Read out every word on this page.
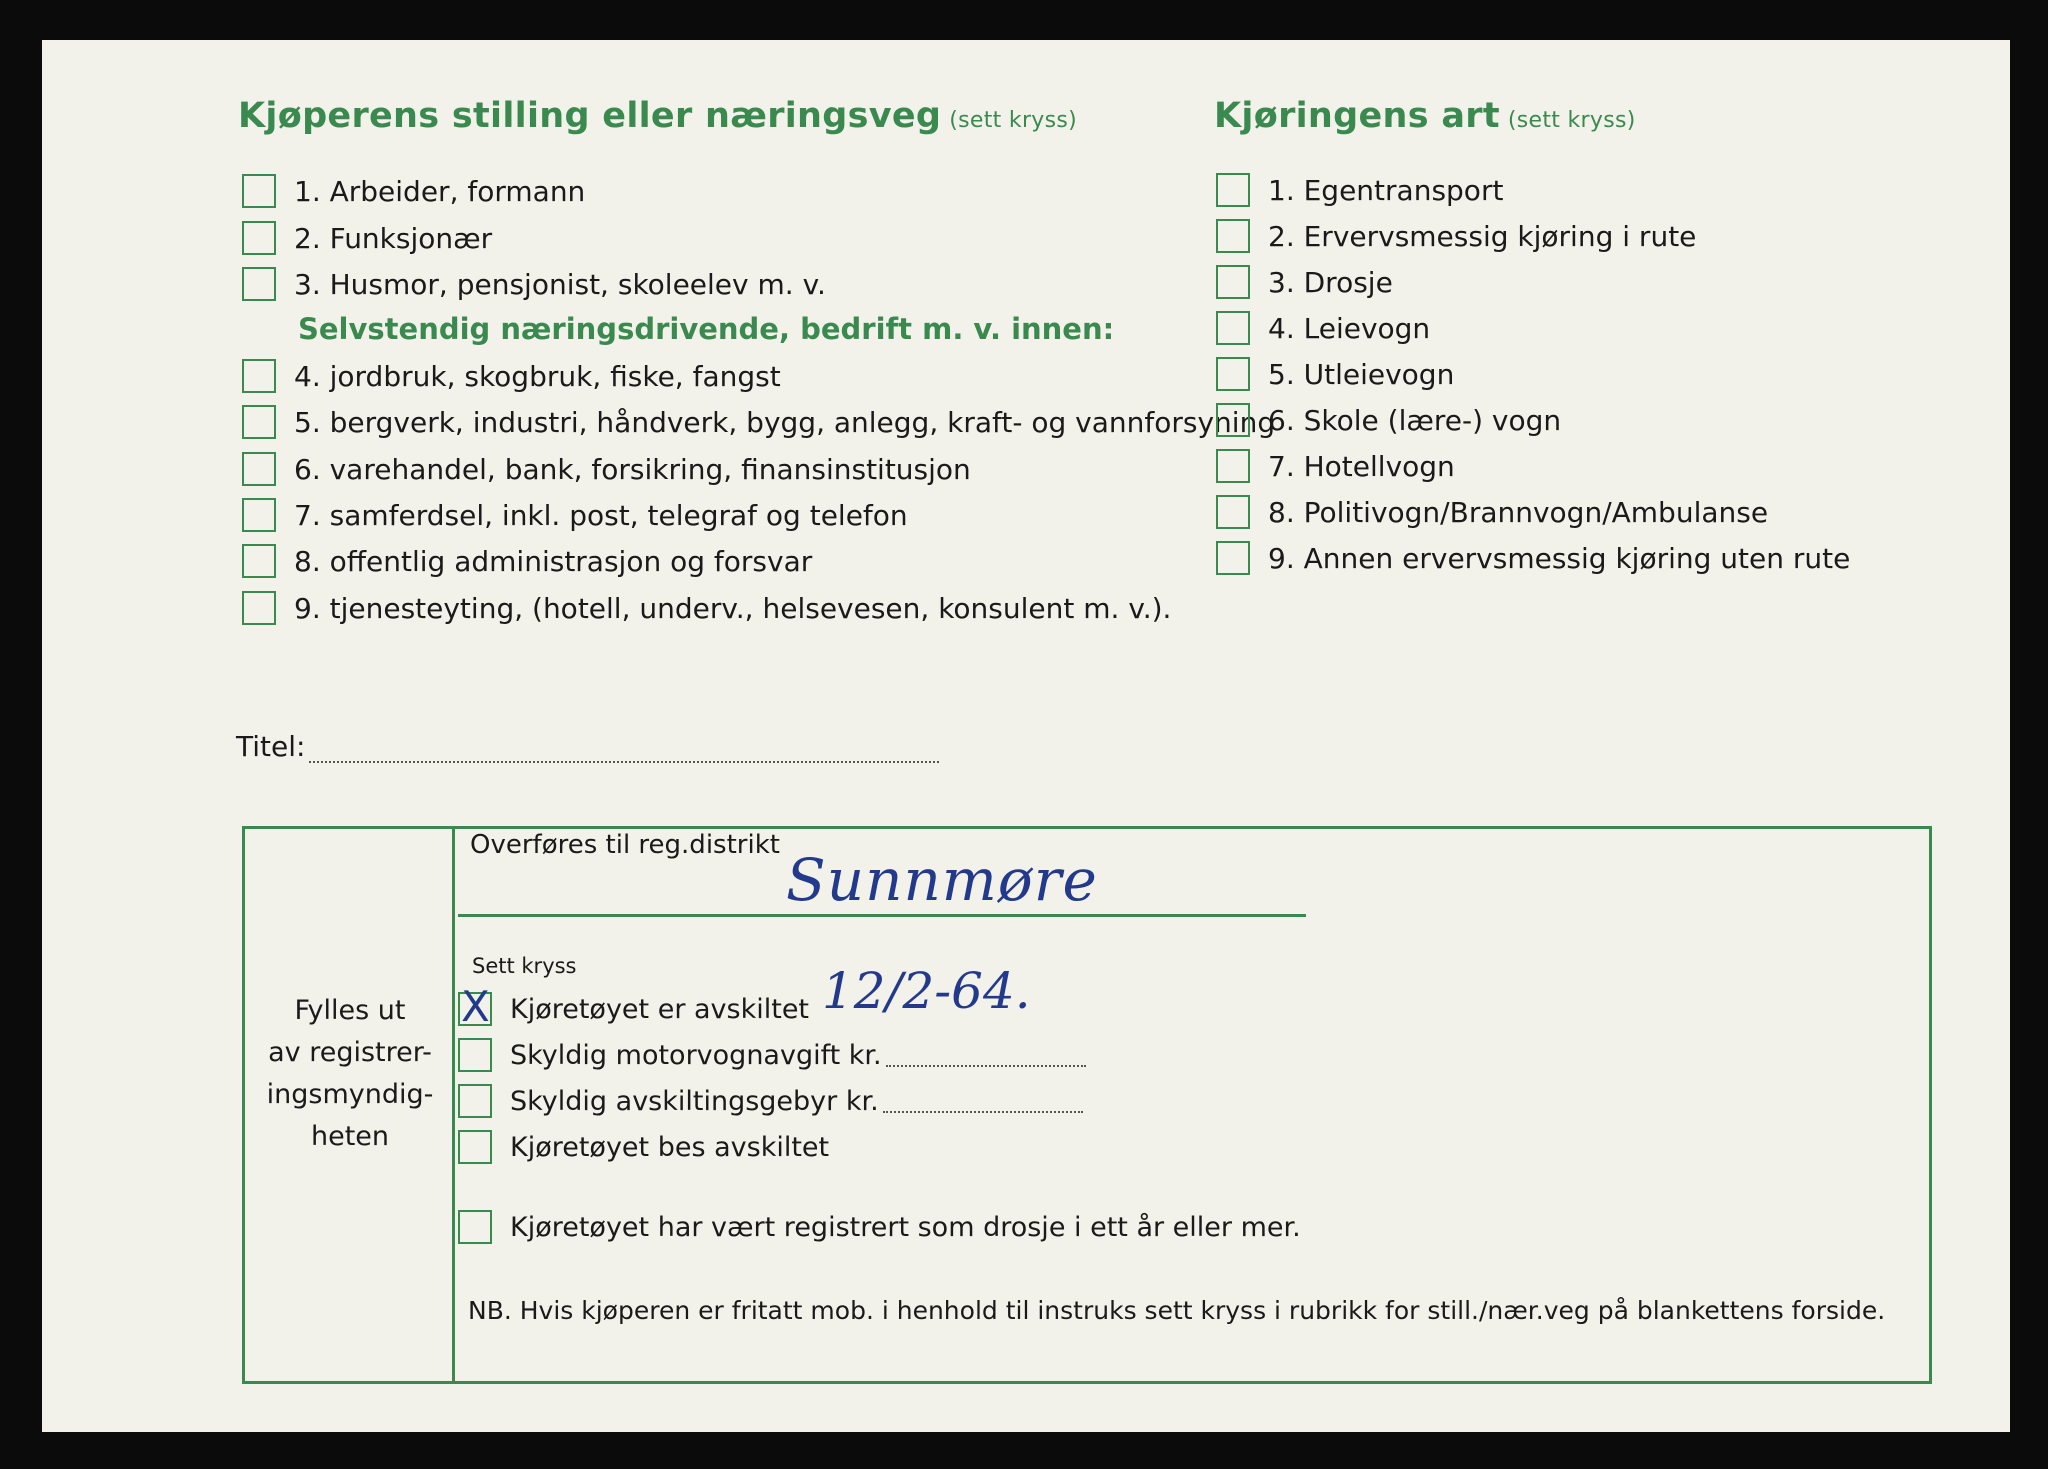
Kjøperens stilling eller næringsveg (sett kryss)
1. Arbeider, formann
2. Funksjonær
3. Husmor, pensjonist, skoleelev m. v.
Selvstendig næringsdrivende, bedrift m. v. innen:
4. jordbruk, skogbruk, fiske, fangst
5. bergverk, industri, håndverk, bygg, anlegg, kraft- og vannforsyning
6. varehandel, bank, forsikring, finansinstitusjon
7. samferdsel, inkl. post, telegraf og telefon
8. offentlig administrasjon og forsvar
9. tjenesteyting, (hotell, underv., helsevesen, konsulent m. v.).
Kjøringens art (sett kryss)
1. Egentransport
2. Ervervsmessig kjøring i rute
3. Drosje
4. Leievogn
5. Utleievogn
6. Skole (lære-) vogn
7. Hotellvogn
8. Politivogn/Brannvogn/Ambulanse
9. Annen ervervsmessig kjøring uten rute
Titel:
Fylles ut
av registrer-
ingsmyndig-
heten
Overføres til reg.distrikt
Sunnmøre
Sett kryss
X Kjøretøyet er avskiltet 12/2-64.
Skyldig motorvognavgift kr.
Skyldig avskiltingsgebyr kr.
Kjøretøyet bes avskiltet
Kjøretøyet har vært registrert som drosje i ett år eller mer.
NB. Hvis kjøperen er fritatt mob. i henhold til instruks sett kryss i rubrikk for still./nær.veg på blankettens forside.
